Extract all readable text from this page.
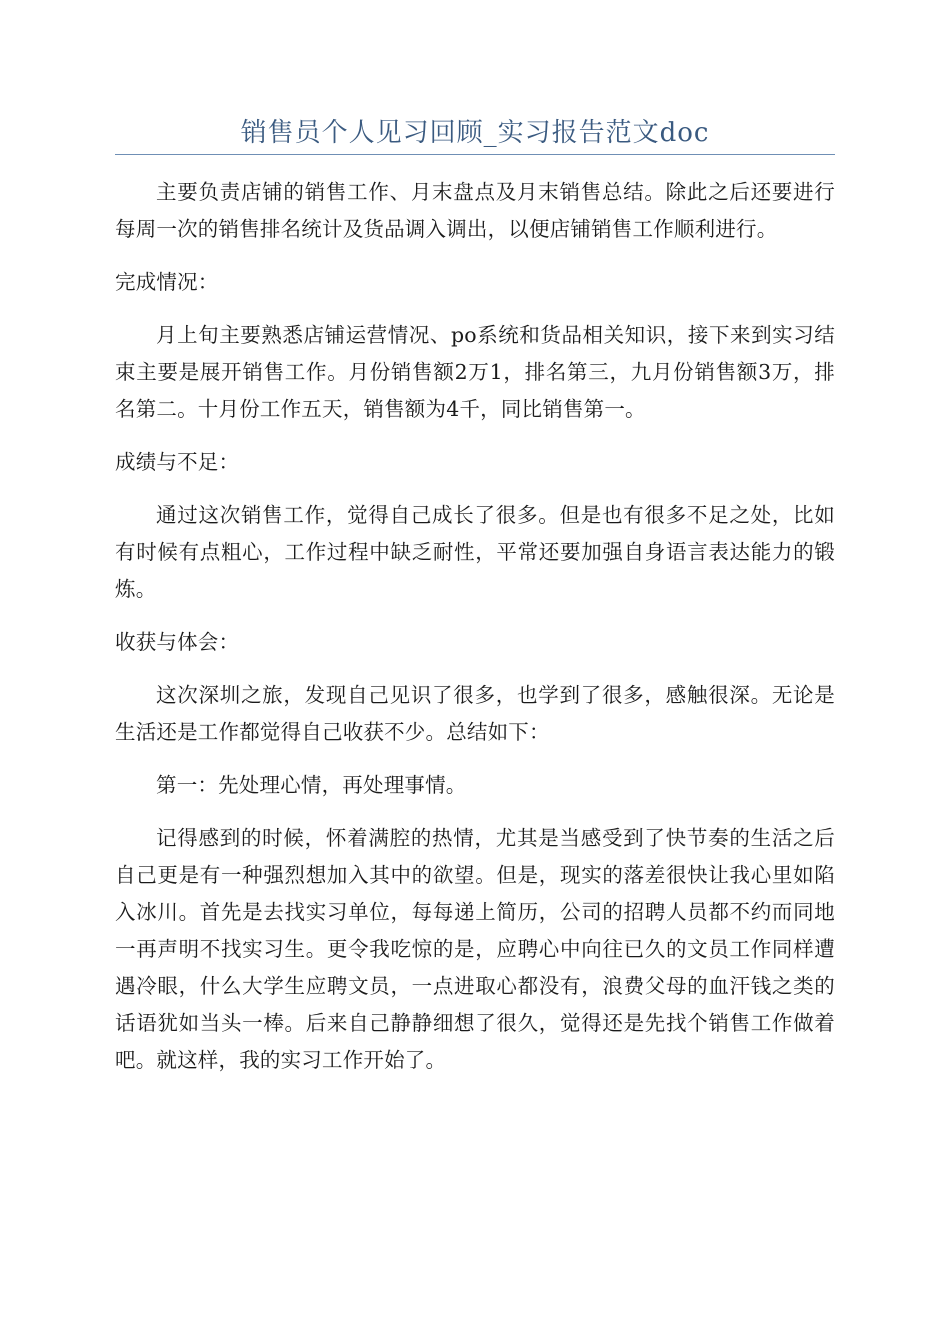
销售员个人见习回顾_实习报告范文doc

主要负责店铺的销售工作、月末盘点及月末销售总结。除此之后还要进行每周一次的销售排名统计及货品调入调出，以便店铺销售工作顺利进行。

完成情况：

月上旬主要熟悉店铺运营情况、po系统和货品相关知识，接下来到实习结束主要是展开销售工作。月份销售额2万1，排名第三，九月份销售额3万，排名第二。十月份工作五天，销售额为4千，同比销售第一。

成绩与不足：

通过这次销售工作，觉得自己成长了很多。但是也有很多不足之处，比如有时候有点粗心，工作过程中缺乏耐性，平常还要加强自身语言表达能力的锻炼。

收获与体会：

这次深圳之旅，发现自己见识了很多，也学到了很多，感触很深。无论是生活还是工作都觉得自己收获不少。总结如下：

第一：先处理心情，再处理事情。

记得感到的时候，怀着满腔的热情，尤其是当感受到了快节奏的生活之后自己更是有一种强烈想加入其中的欲望。但是，现实的落差很快让我心里如陷入冰川。首先是去找实习单位，每每递上简历，公司的招聘人员都不约而同地一再声明不找实习生。更令我吃惊的是，应聘心中向往已久的文员工作同样遭遇冷眼，什么大学生应聘文员，一点进取心都没有，浪费父母的血汗钱之类的话语犹如当头一棒。后来自己静静细想了很久，觉得还是先找个销售工作做着吧。就这样，我的实习工作开始了。
